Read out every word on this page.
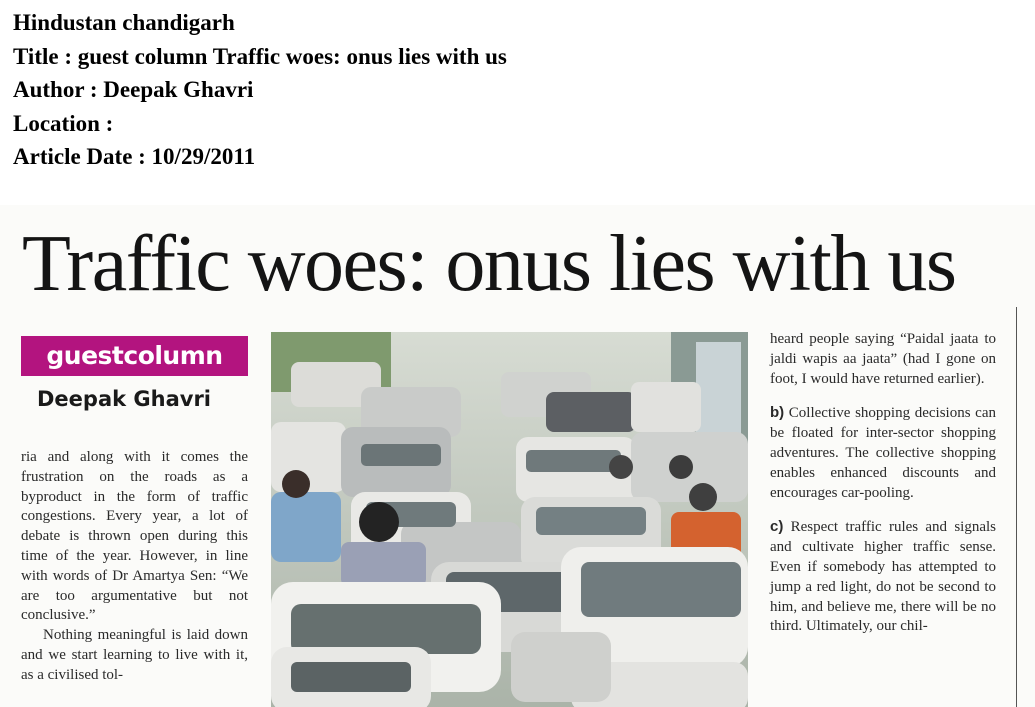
Hindustan chandigarh
Title : guest column Traffic woes: onus lies with us
Author : Deepak Ghavri
Location :
Article Date : 10/29/2011
Traffic woes: onus lies with us
guestcolumn
Deepak Ghavri

ria and along with it comes the frustration on the roads as a byproduct in the form of traffic congestions. Every year, a lot of debate is thrown open during this time of the year. However, in line with words of Dr Amartya Sen: “We are too argumentative but not conclusive.”

Nothing meaningful is laid down and we start learning to live with it, as a civilised tol-

heard people saying “Paidal jaata to jaldi wapis aa jaata” (had I gone on foot, I would have returned earlier).

b) Collective shopping decisions can be floated for inter-sector shopping adventures. The collective shopping enables enhanced discounts and encourages car-pooling.

c) Respect traffic rules and signals and cultivate higher traffic sense. Even if somebody has attempted to jump a red light, do not be second to him, and believe me, there will be no third. Ultimately, our chil-
